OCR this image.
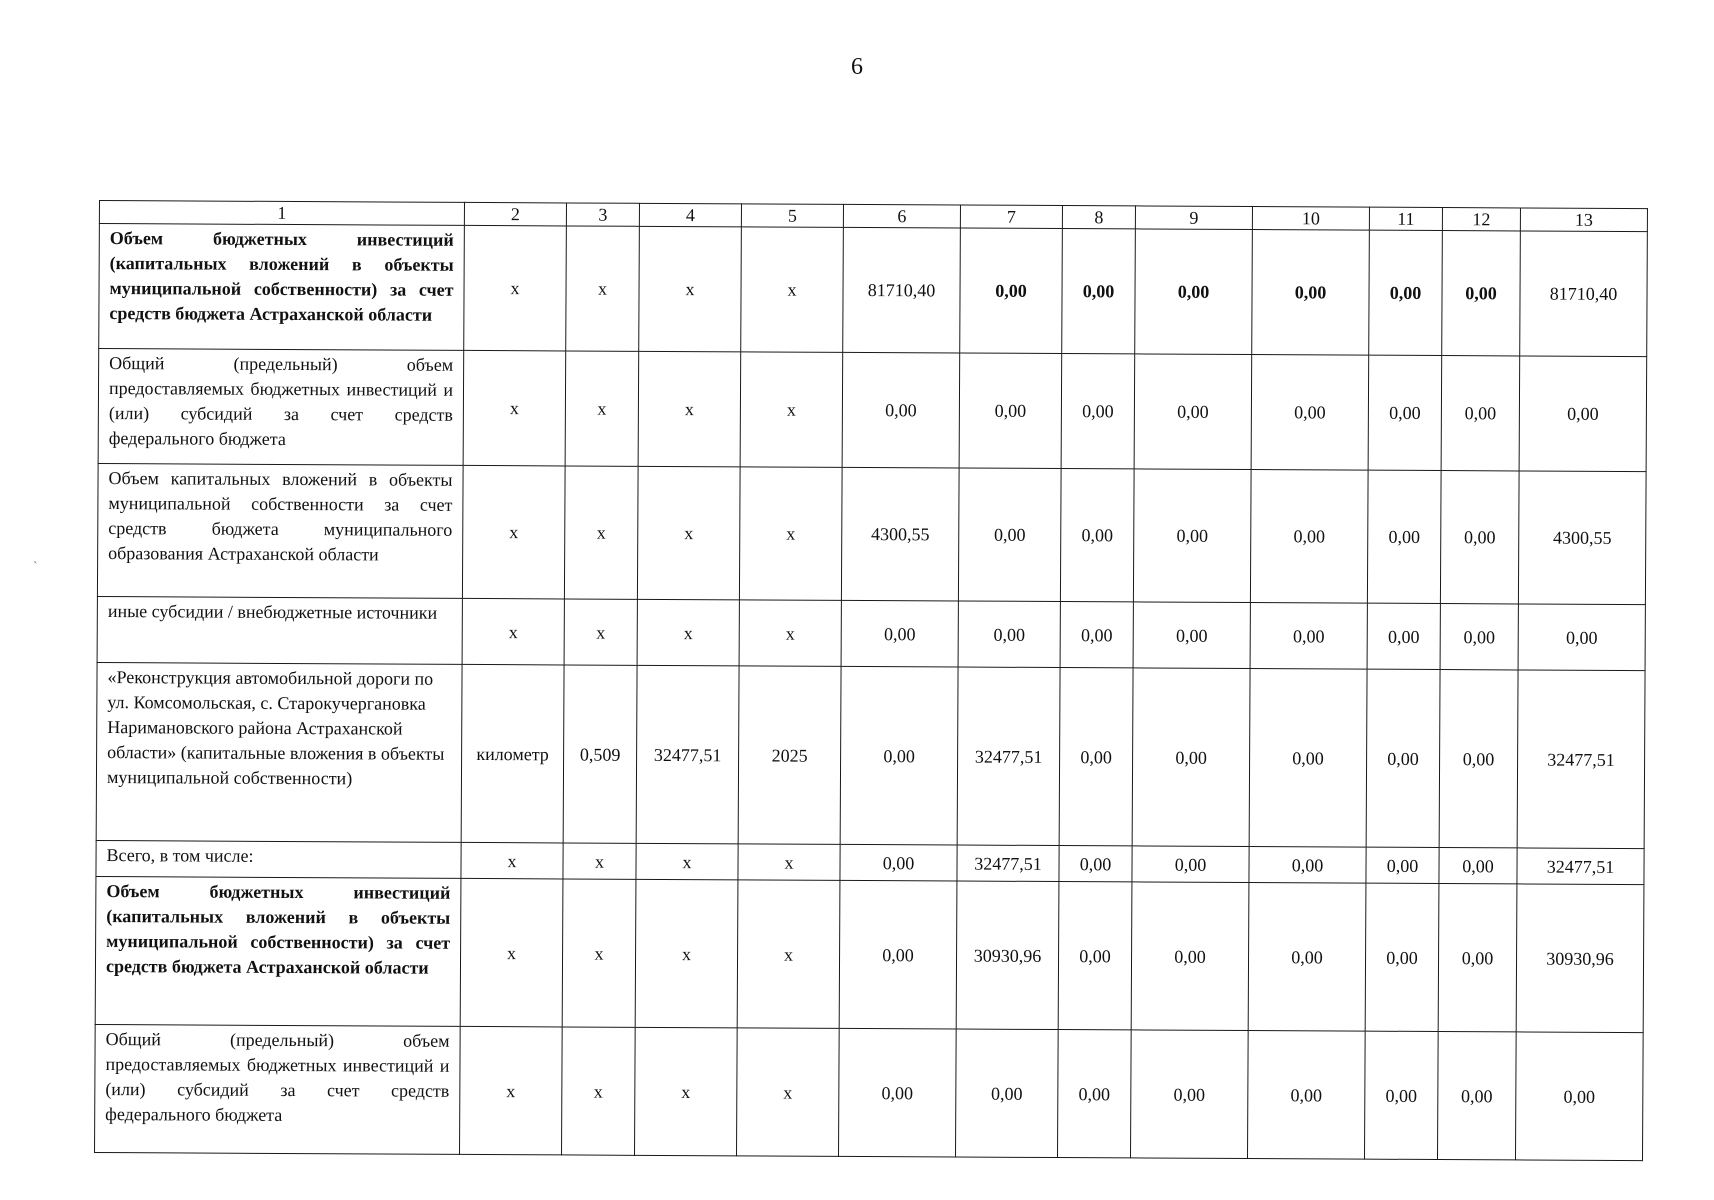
6
`
1	2	3	4	5	6	7	8	9	10	11	12	13
Объем бюджетных инвестиций (капитальных вложений в объекты муниципальной собственности) за счет средств бюджета Астраханской области	x	x	x	x	81710,40	0,00	0,00	0,00	0,00	0,00	0,00	81710,40
Общий (предельный) объем предоставляемых бюджетных инвестиций и (или) субсидий за счет средств федерального бюджета	x	x	x	x	0,00	0,00	0,00	0,00	0,00	0,00	0,00	0,00
Объем капитальных вложений в объекты муниципальной собственности за счет средств бюджета муниципального образования Астраханской области	x	x	x	x	4300,55	0,00	0,00	0,00	0,00	0,00	0,00	4300,55
иные субсидии / внебюджетные источники	x	x	x	x	0,00	0,00	0,00	0,00	0,00	0,00	0,00	0,00
«Реконструкция автомобильной дороги по ул. Комсомольская, с. Старокучергановка Наримановского района Астраханской области» (капитальные вложения в объекты муниципальной собственности)	километр	0,509	32477,51	2025	0,00	32477,51	0,00	0,00	0,00	0,00	0,00	32477,51
Всего, в том числе:	x	x	x	x	0,00	32477,51	0,00	0,00	0,00	0,00	0,00	32477,51
Объем бюджетных инвестиций (капитальных вложений в объекты муниципальной собственности) за счет средств бюджета Астраханской области	x	x	x	x	0,00	30930,96	0,00	0,00	0,00	0,00	0,00	30930,96
Общий (предельный) объем предоставляемых бюджетных инвестиций и (или) субсидий за счет средств федерального бюджета	x	x	x	x	0,00	0,00	0,00	0,00	0,00	0,00	0,00	0,00
